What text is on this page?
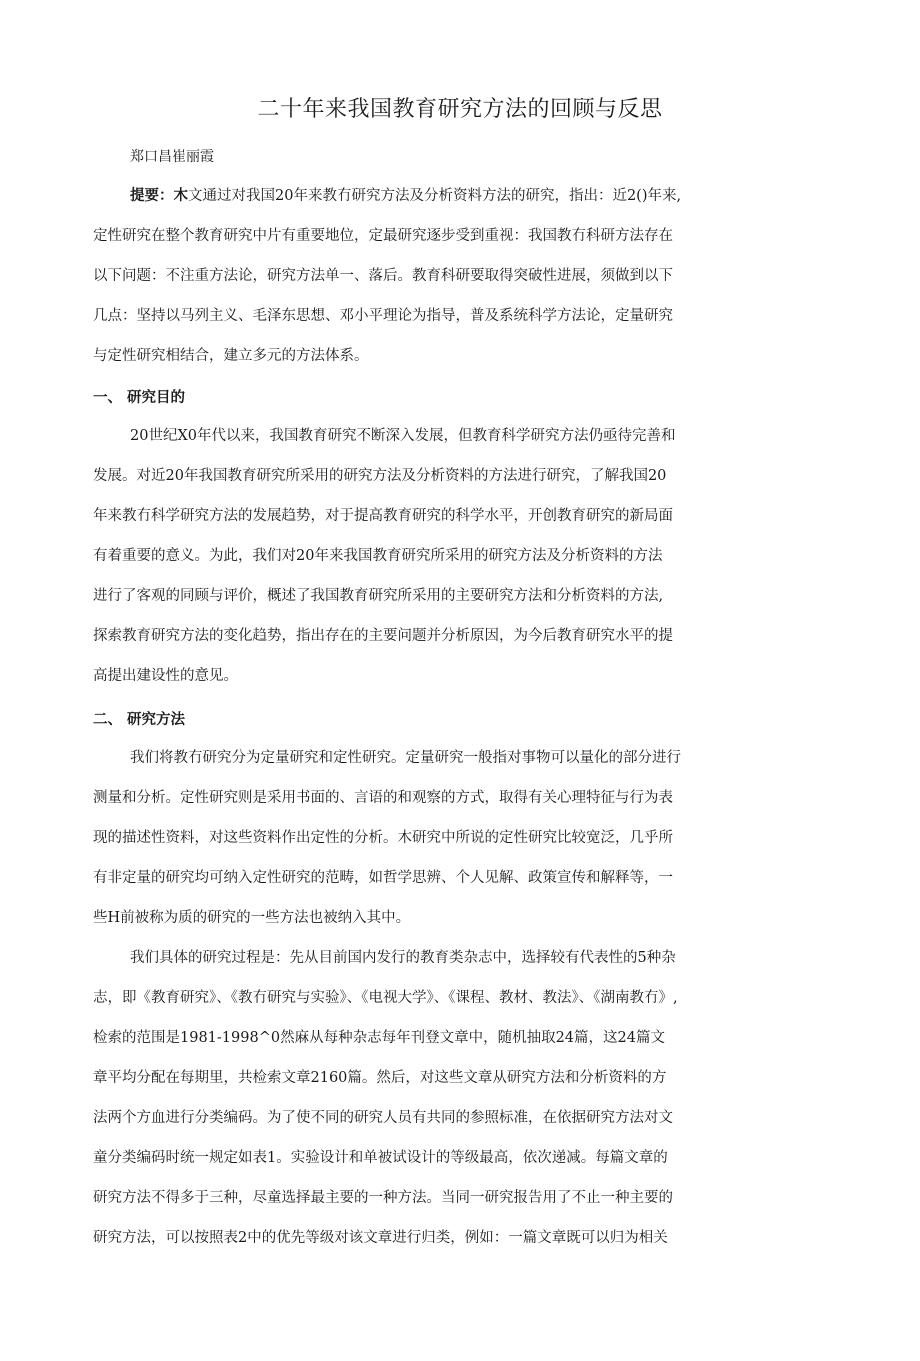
二十年来我国教育研究方法的回顾与反思

郑口昌崔丽霞

提要：木文通过对我国20年来教冇研究方法及分析资料方法的研究，指出：近2()年来,

定性研究在整个教育研究中片有重要地位，定最研究逐步受到重视：我国教冇科研方法存在

以下问题：不注重方法论，研究方法单一、落后。教育科研要取得突破性进展，须做到以下

几点：坚持以马列主义、毛泽东思想、邓小平理论为指导，普及系统科学方法论，定量研究

与定性研究相结合，建立多元的方法体系。

一、 研究目的

20世纪X0年代以来，我国教育研究不断深入发展，但教育科学研究方法仍亟待完善和

发展。对近20年我国教育研究所采用的研究方法及分析资料的方法进行研究，了解我国20

年来教冇科学研究方法的发展趋势，对于提高教育研究的科学水平，开创教育研究的新局面

有着重要的意义。为此，我们对20年来我国教育研究所采用的研究方法及分析资料的方法

进行了客观的同顾与评价，概述了我国教育研究所采用的主要研究方法和分析资料的方法,

探索教育研究方法的变化趋势，指出存在的主要问题并分析原因，为今后教育研究水平的提

高提出建设性的意见。

二、 研究方法

我们将教冇研究分为定量研究和定性研究。定量研究一般指对事物可以量化的部分进行

测量和分析。定性研究则是采用书面的、言语的和观察的方式，取得有关心理特征与行为表

现的描述性资料，对这些资料作出定性的分析。木研究中所说的定性研究比较宽泛，几乎所

有非定量的研究均可纳入定性研究的范畴，如哲学思辨、个人见解、政策宣传和解释等，一

些H前被称为质的研究的一些方法也被纳入其中。

我们具体的研究过程是：先从目前国内发行的教育类杂志中，选择较有代表性的5种杂

志，即《教育研究》、《教冇研究与实验》、《电视大学》、《课程、教材、教法》、《湖南教冇》,

检索的范围是1981-1998^0然麻从每种杂志每年刊登文章中，随机抽取24篇，这24篇文

章平均分配在每期里，共检索文章2160篇。然后，对这些文章从研究方法和分析资料的方

法两个方血进行分类编码。为了使不同的研究人员有共同的参照标准，在依据研究方法对文

童分类编码时统一规定如表1。实验设计和单被试设计的等级最高，依次递减。每篇文章的

研究方法不得多于三种，尽童选择最主要的一种方法。当同一研究报告用了不止一种主要的

研究方法，可以按照表2中的优先等级对该文章进行归类，例如：一篇文章既可以归为相关
